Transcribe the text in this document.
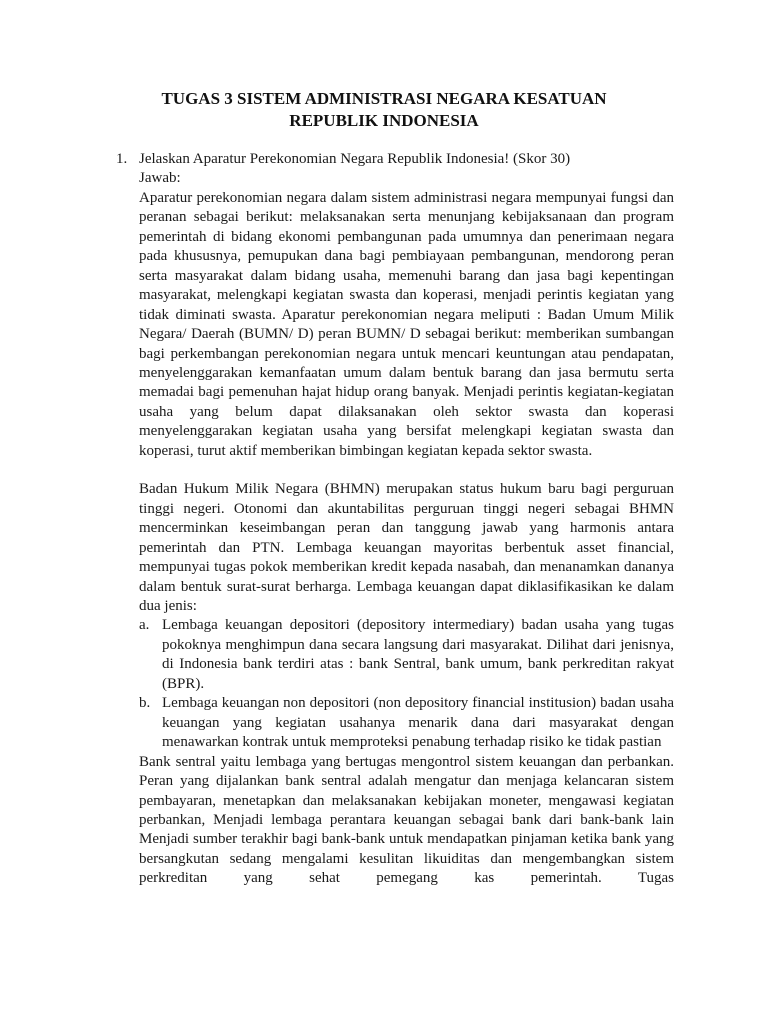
TUGAS 3 SISTEM ADMINISTRASI NEGARA KESATUAN
REPUBLIK INDONESIA
1. Jelaskan Aparatur Perekonomian Negara Republik Indonesia! (Skor 30)
Jawab:
Aparatur perekonomian negara dalam sistem administrasi negara mempunyai fungsi dan peranan sebagai berikut: melaksanakan serta menunjang kebijaksanaan dan program pemerintah di bidang ekonomi pembangunan pada umumnya dan penerimaan negara pada khususnya, pemupukan dana bagi pembiayaan pembangunan, mendorong peran serta masyarakat dalam bidang usaha, memenuhi barang dan jasa bagi kepentingan masyarakat, melengkapi kegiatan swasta dan koperasi, menjadi perintis kegiatan yang tidak diminati swasta. Aparatur perekonomian negara meliputi : Badan Umum Milik Negara/ Daerah (BUMN/ D) peran BUMN/ D sebagai berikut: memberikan sumbangan bagi perkembangan perekonomian negara untuk mencari keuntungan atau pendapatan, menyelenggarakan kemanfaatan umum dalam bentuk barang dan jasa bermutu serta memadai bagi pemenuhan hajat hidup orang banyak. Menjadi perintis kegiatan-kegiatan usaha yang belum dapat dilaksanakan oleh sektor swasta dan koperasi menyelenggarakan kegiatan usaha yang bersifat melengkapi kegiatan swasta dan koperasi, turut aktif memberikan bimbingan kegiatan kepada sektor swasta.
Badan Hukum Milik Negara (BHMN) merupakan status hukum baru bagi perguruan tinggi negeri. Otonomi dan akuntabilitas perguruan tinggi negeri sebagai BHMN mencerminkan keseimbangan peran dan tanggung jawab yang harmonis antara pemerintah dan PTN. Lembaga keuangan mayoritas berbentuk asset financial, mempunyai tugas pokok memberikan kredit kepada nasabah, dan menanamkan dananya dalam bentuk surat-surat berharga. Lembaga keuangan dapat diklasifikasikan ke dalam dua jenis:
a. Lembaga keuangan depositori (depository intermediary) badan usaha yang tugas pokoknya menghimpun dana secara langsung dari masyarakat. Dilihat dari jenisnya, di Indonesia bank terdiri atas : bank Sentral, bank umum, bank perkreditan rakyat (BPR).
b. Lembaga keuangan non depositori (non depository financial institusion) badan usaha keuangan yang kegiatan usahanya menarik dana dari masyarakat dengan menawarkan kontrak untuk memproteksi penabung terhadap risiko ke tidak pastian
Bank sentral yaitu lembaga yang bertugas mengontrol sistem keuangan dan perbankan. Peran yang dijalankan bank sentral adalah mengatur dan menjaga kelancaran sistem pembayaran, menetapkan dan melaksanakan kebijakan moneter, mengawasi kegiatan perbankan, Menjadi lembaga perantara keuangan sebagai bank dari bank-bank lain Menjadi sumber terakhir bagi bank-bank untuk mendapatkan pinjaman ketika bank yang bersangkutan sedang mengalami kesulitan likuiditas dan mengembangkan sistem perkreditan yang sehat pemegang kas pemerintah. Tugas
